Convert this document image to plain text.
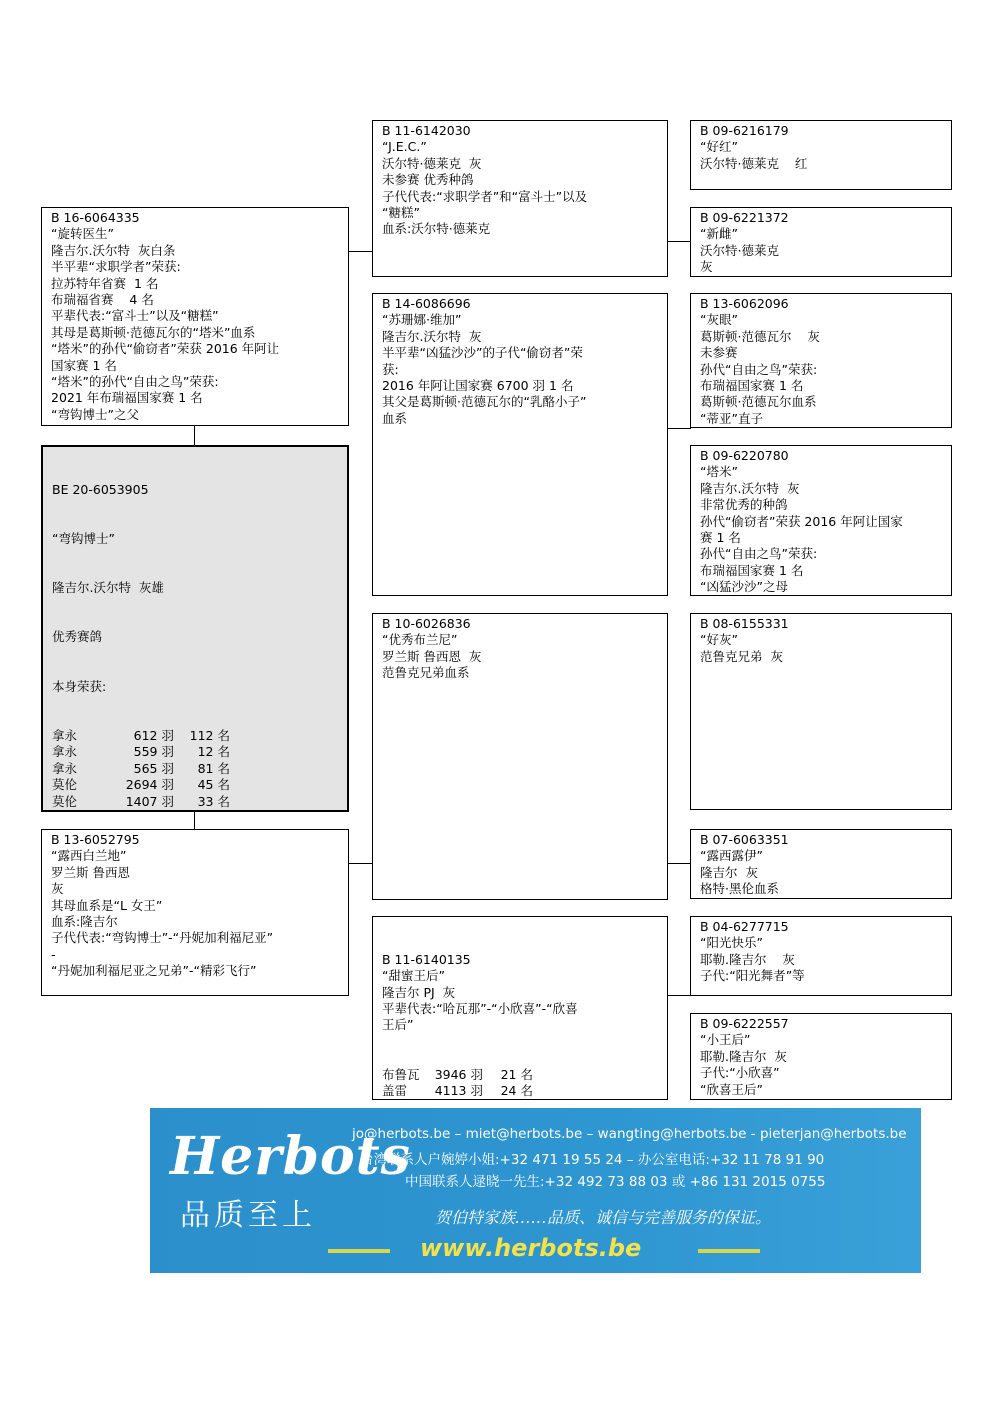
B 16-6064335
“旋转医生”
隆吉尔.沃尔特  灰白条
半平辈“求职学者”荣获:
拉苏特年省赛  1 名
布瑞福省赛    4 名
平辈代表:“富斗士”以及“糖糕”
其母是葛斯顿·范德瓦尔的“塔米”血系
“塔米”的孙代“偷窃者”荣获 2016 年阿让
国家赛 1 名
“塔米”的孙代“自由之鸟”荣获:
2021 年布瑞福国家赛 1 名
“弯钩博士”之父

BE 20-6053905

“弯钩博士”

隆吉尔.沃尔特  灰雄

优秀赛鸽

本身荣获:

拿永	612 羽	112 名
拿永	559 羽	12 名
拿永	565 羽	81 名
莫伦	2694 羽	45 名
莫伦	1407 羽	33 名

B 13-6052795
“露西白兰地”
罗兰斯 鲁西恩
灰
其母血系是“L 女王”
血系:隆吉尔
子代代表:“弯钩博士”-“丹妮加利福尼亚”
-
“丹妮加利福尼亚之兄弟”-“精彩飞行”
B 11-6142030
“J.E.C.”
沃尔特·德莱克  灰
未参赛 优秀种鸽
子代代表:“求职学者”和“富斗士”以及
“糖糕”
血系:沃尔特·德莱克
B 14-6086696
“苏珊娜·维加”
隆吉尔.沃尔特  灰
半平辈“凶猛沙沙”的子代“偷窃者”荣
获:
2016 年阿让国家赛 6700 羽 1 名
其父是葛斯顿·范德瓦尔的“乳酪小子”
血系
B 10-6026836
“优秀布兰尼”
罗兰斯 鲁西恩  灰
范鲁克兄弟血系

B 11-6140135
“甜蜜王后”
隆吉尔 PJ  灰
平辈代表:“哈瓦那”-“小欣喜”-“欣喜
王后”

布鲁瓦	3946 羽	21 名
盖雷	4113 羽	24 名

B 09-6216179
“好红”
沃尔特·德莱克    红
B 09-6221372
“新雌”
沃尔特·德莱克
灰
B 13-6062096
“灰眼”
葛斯顿·范德瓦尔    灰
未参赛
孙代“自由之鸟”荣获:
布瑞福国家赛 1 名
葛斯顿·范德瓦尔血系
“蒂亚”直子
B 09-6220780
“塔米”
隆吉尔.沃尔特  灰
非常优秀的种鸽
孙代“偷窃者”荣获 2016 年阿让国家
赛 1 名
孙代“自由之鸟”荣获:
布瑞福国家赛 1 名
“凶猛沙沙”之母
B 08-6155331
“好灰”
范鲁克兄弟  灰
B 07-6063351
“露西露伊”
隆吉尔  灰
格特·黑伦血系
B 04-6277715
“阳光快乐”
耶勒.隆吉尔    灰
子代:“阳光舞者”等
B 09-6222557
“小王后”
耶勒.隆吉尔  灰
子代:“小欣喜”
“欣喜王后”
Herbots
品质至上
jo@herbots.be – miet@herbots.be – wangting@herbots.be - pieterjan@herbots.be
台湾联系人户婉婷小姐:+32 471 19 55 24 – 办公室电话:+32 11 78 91 90
中国联系人逯晓一先生:+32 492 73 88 03 或 +86 131 2015 0755
贺伯特家族……品质、诚信与完善服务的保证。
www.herbots.be
